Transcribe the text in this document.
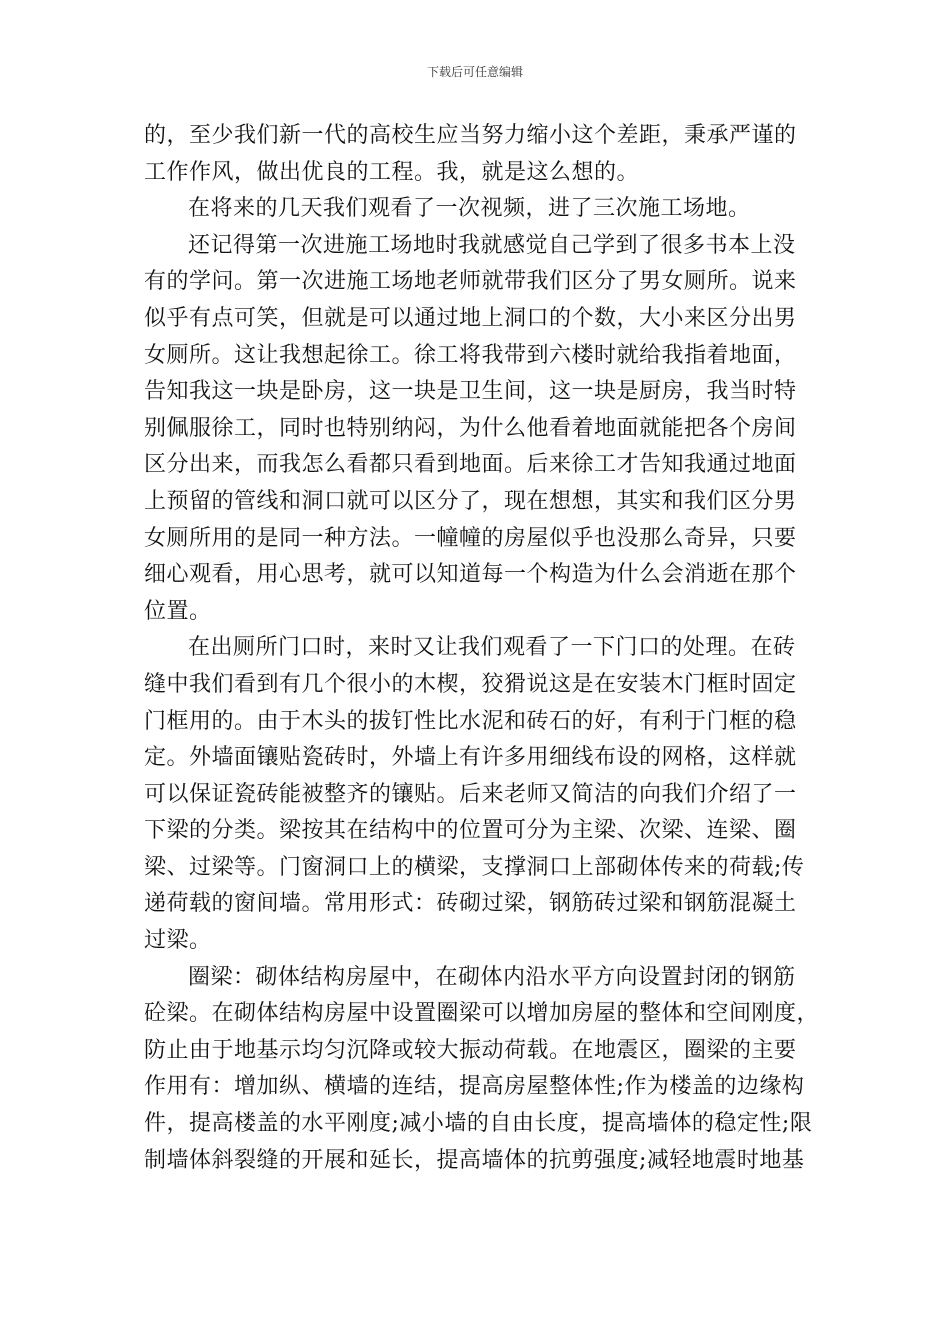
下载后可任意编辑
的，至少我们新一代的高校生应当努力缩小这个差距，秉承严谨的
工作作风，做出优良的工程。我，就是这么想的。
在将来的几天我们观看了一次视频，进了三次施工场地。
还记得第一次进施工场地时我就感觉自己学到了很多书本上没
有的学问。第一次进施工场地老师就带我们区分了男女厕所。说来
似乎有点可笑，但就是可以通过地上洞口的个数，大小来区分出男
女厕所。这让我想起徐工。徐工将我带到六楼时就给我指着地面，
告知我这一块是卧房，这一块是卫生间，这一块是厨房，我当时特
别佩服徐工，同时也特别纳闷，为什么他看着地面就能把各个房间
区分出来，而我怎么看都只看到地面。后来徐工才告知我通过地面
上预留的管线和洞口就可以区分了，现在想想，其实和我们区分男
女厕所用的是同一种方法。一幢幢的房屋似乎也没那么奇异，只要
细心观看，用心思考，就可以知道每一个构造为什么会消逝在那个
位置。
在出厕所门口时，来时又让我们观看了一下门口的处理。在砖
缝中我们看到有几个很小的木楔，狡猾说这是在安装木门框时固定
门框用的。由于木头的拔钉性比水泥和砖石的好，有利于门框的稳
定。外墙面镶贴瓷砖时，外墙上有许多用细线布设的网格，这样就
可以保证瓷砖能被整齐的镶贴。后来老师又简洁的向我们介绍了一
下梁的分类。梁按其在结构中的位置可分为主梁、次梁、连梁、圈
梁、过梁等。门窗洞口上的横梁，支撑洞口上部砌体传来的荷载;传
递荷载的窗间墙。常用形式：砖砌过梁，钢筋砖过梁和钢筋混凝土
过梁。
圈梁：砌体结构房屋中，在砌体内沿水平方向设置封闭的钢筋
砼梁。在砌体结构房屋中设置圈梁可以增加房屋的整体和空间刚度，
防止由于地基示均匀沉降或较大振动荷载。在地震区，圈梁的主要
作用有：增加纵、横墙的连结，提高房屋整体性;作为楼盖的边缘构
件，提高楼盖的水平刚度;减小墙的自由长度，提高墙体的稳定性;限
制墙体斜裂缝的开展和延长，提高墙体的抗剪强度;减轻地震时地基
